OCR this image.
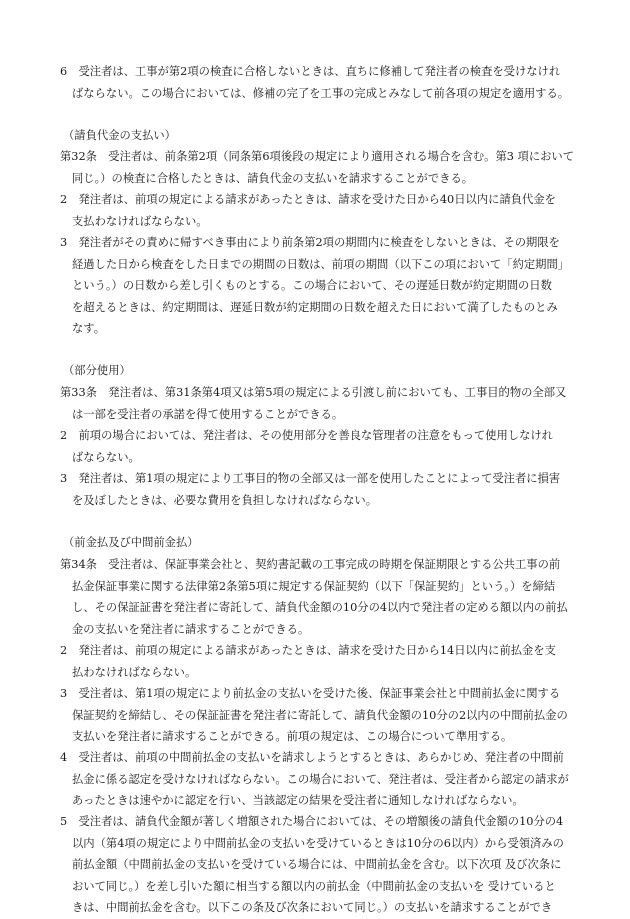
6　受注者は、工事が第2項の検査に合格しないときは、直ちに修補して発注者の検査を受けなけれ
ばならない。この場合においては、修補の完了を工事の完成とみなして前各項の規定を適用する。

（請負代金の支払い）

第32条　受注者は、前条第2項（同条第6項後段の規定により適用される場合を含む。第3 項において
同じ。）の検査に合格したときは、請負代金の支払いを請求することができる。

2　発注者は、前項の規定による請求があったときは、請求を受けた日から40日以内に請負代金を
支払わなければならない。

3　発注者がその責めに帰すべき事由により前条第2項の期間内に検査をしないときは、その期限を
経過した日から検査をした日までの期間の日数は、前項の期間（以下この項において「約定期間」
という。）の日数から差し引くものとする。この場合において、その遅延日数が約定期間の日数
を超えるときは、約定期間は、遅延日数が約定期間の日数を超えた日において満了したものとみ
なす。

（部分使用）

第33条　発注者は、第31条第4項又は第5項の規定による引渡し前においても、工事目的物の全部又
は一部を受注者の承諾を得て使用することができる。

2　前項の場合においては、発注者は、その使用部分を善良な管理者の注意をもって使用しなけれ
ばならない。

3　発注者は、第1項の規定により工事目的物の全部又は一部を使用したことによって受注者に損害
を及ぼしたときは、必要な費用を負担しなければならない。

（前金払及び中間前金払）

第34条　受注者は、保証事業会社と、契約書記載の工事完成の時期を保証期限とする公共工事の前
払金保証事業に関する法律第2条第5項に規定する保証契約（以下「保証契約」という。）を締結
し、その保証証書を発注者に寄託して、請負代金額の10分の4以内で発注者の定める額以内の前払
金の支払いを発注者に請求することができる。

2　発注者は、前項の規定による請求があったときは、請求を受けた日から14日以内に前払金を支
払わなければならない。

3　受注者は、第1項の規定により前払金の支払いを受けた後、保証事業会社と中間前払金に関する
保証契約を締結し、その保証証書を発注者に寄託して、請負代金額の10分の2以内の中間前払金の
支払いを発注者に請求することができる。前項の規定は、この場合について準用する。

4　受注者は、前項の中間前払金の支払いを請求しようとするときは、あらかじめ、発注者の中間前
払金に係る認定を受けなければならない。この場合において、発注者は、受注者から認定の請求が
あったときは速やかに認定を行い、当該認定の結果を受注者に通知しなければならない。

5　受注者は、請負代金額が著しく増額された場合においては、その増額後の請負代金額の10分の4
以内（第4項の規定により中間前払金の支払いを受けているときは10分の6以内）から受領済みの
前払金額（中間前払金の支払いを受けている場合には、中間前払金を含む。以下次項 及び次条に
おいて同じ。）を差し引いた額に相当する額以内の前払金（中間前払金の支払いを 受けていると
きは、中間前払金を含む。以下この条及び次条において同じ。）の支払いを請求することができ
